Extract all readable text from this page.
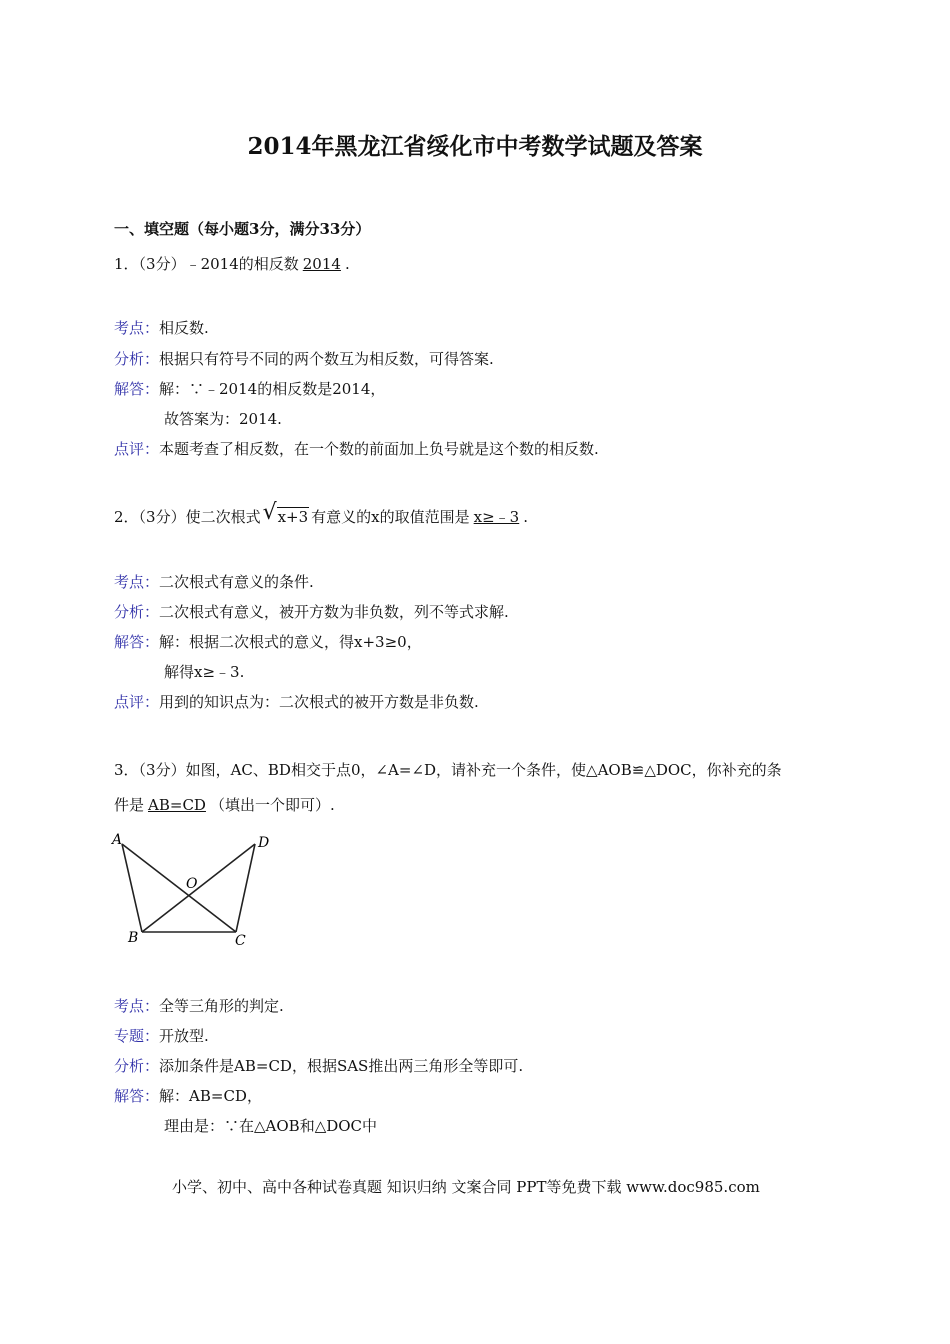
2014年黑龙江省绥化市中考数学试题及答案
一、填空题（每小题3分，满分33分）
1．（3分）﹣2014的相反数 2014 .
考点：相反数.
分析：根据只有符号不同的两个数互为相反数，可得答案.
解答：解：∵﹣2014的相反数是2014，
故答案为：2014.
点评：本题考查了相反数，在一个数的前面加上负号就是这个数的相反数.
2．（3分）使二次根式 √ x+3 有意义的x的取值范围是 x≥﹣3 .
考点：二次根式有意义的条件.
分析：二次根式有意义，被开方数为非负数，列不等式求解.
解答：解：根据二次根式的意义，得x+3≥0，
解得x≥﹣3.
点评：用到的知识点为：二次根式的被开方数是非负数.
3．（3分）如图，AC、BD相交于点0，∠A=∠D，请补充一个条件，使△AOB≌△DOC，你补充的条
件是 AB=CD （填出一个即可）.
A
B	C
D
O
考点：全等三角形的判定.
专题：开放型.
分析：添加条件是AB=CD，根据SAS推出两三角形全等即可.
解答：解：AB=CD，
理由是：∵在△AOB和△DOC中
小学、初中、高中各种试卷真题 知识归纳 文案合同 PPT等免费下载 www.doc985.com
